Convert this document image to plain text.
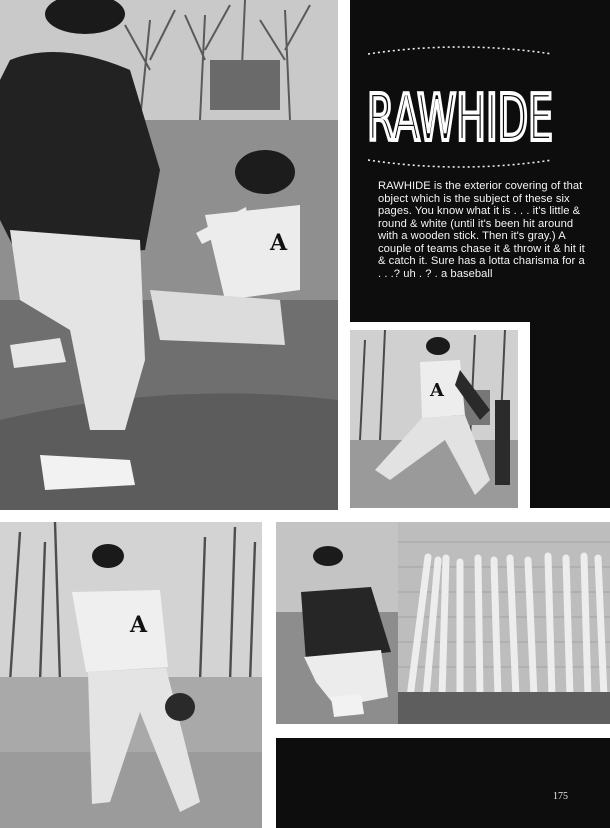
A
RAWHIDE

RAWHIDE is the exterior covering of that object which is the subject of these six pages. You know what it is . . . it's little & round & white (until it's been hit around with a wooden stick. Then it's gray.) A couple of teams chase it & throw it & hit it & catch it. Sure has a lotta charisma for a . . .? uh . ? . a baseball

A
A
175
